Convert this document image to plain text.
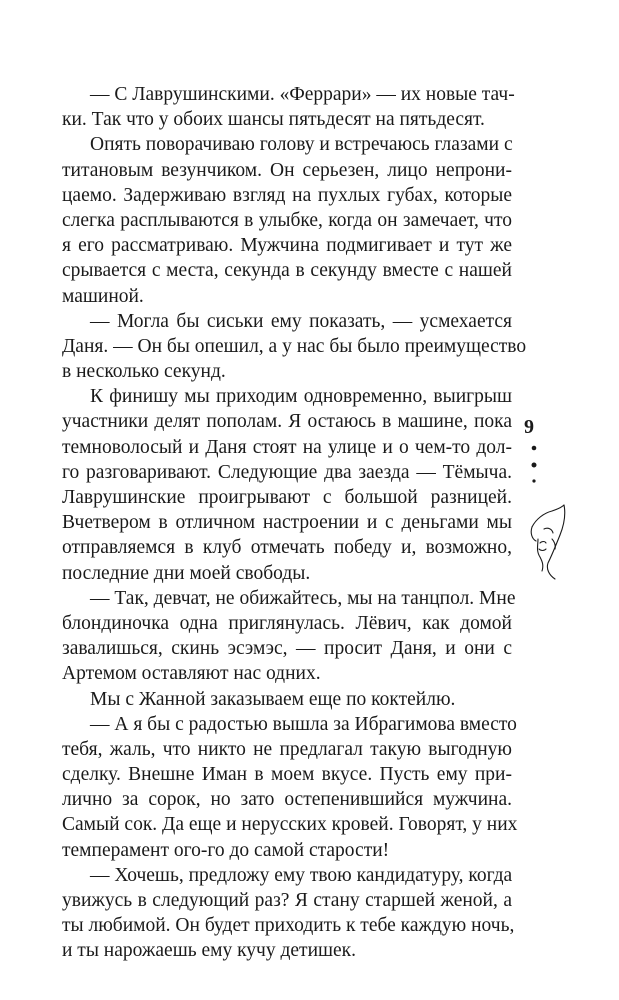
— С Лаврушинскими. «Феррари» — их новые тач-
ки. Так что у обоих шансы пятьдесят на пятьдесят.
Опять поворачиваю голову и встречаюсь глазами с
титановым везунчиком. Он серьезен, лицо непрони-
цаемо. Задерживаю взгляд на пухлых губах, которые
слегка расплываются в улыбке, когда он замечает, что
я его рассматриваю. Мужчина подмигивает и тут же
срывается с места, секунда в секунду вместе с нашей
машиной.
— Могла бы сиськи ему показать, — усмехается
Даня. — Он бы опешил, а у нас бы было преимущество
в несколько секунд.
К финишу мы приходим одновременно, выигрыш
участники делят пополам. Я остаюсь в машине, пока
темноволосый и Даня стоят на улице и о чем-то дол-
го разговаривают. Следующие два заезда — Тёмыча.
Лаврушинские проигрывают с большой разницей.
Вчетвером в отличном настроении и с деньгами мы
отправляемся в клуб отмечать победу и, возможно,
последние дни моей свободы.
— Так, девчат, не обижайтесь, мы на танцпол. Мне
блондиночка одна приглянулась. Лёвич, как домой
завалишься, скинь эсэмэс, — просит Даня, и они с
Артемом оставляют нас одних.
Мы с Жанной заказываем еще по коктейлю.
— А я бы с радостью вышла за Ибрагимова вместо
тебя, жаль, что никто не предлагал такую выгодную
сделку. Внешне Иман в моем вкусе. Пусть ему при-
лично за сорок, но зато остепенившийся мужчина.
Самый сок. Да еще и нерусских кровей. Говорят, у них
темперамент ого-го до самой старости!
— Хочешь, предложу ему твою кандидатуру, когда
увижусь в следующий раз? Я стану старшей женой, а
ты любимой. Он будет приходить к тебе каждую ночь,
и ты нарожаешь ему кучу детишек.
9
